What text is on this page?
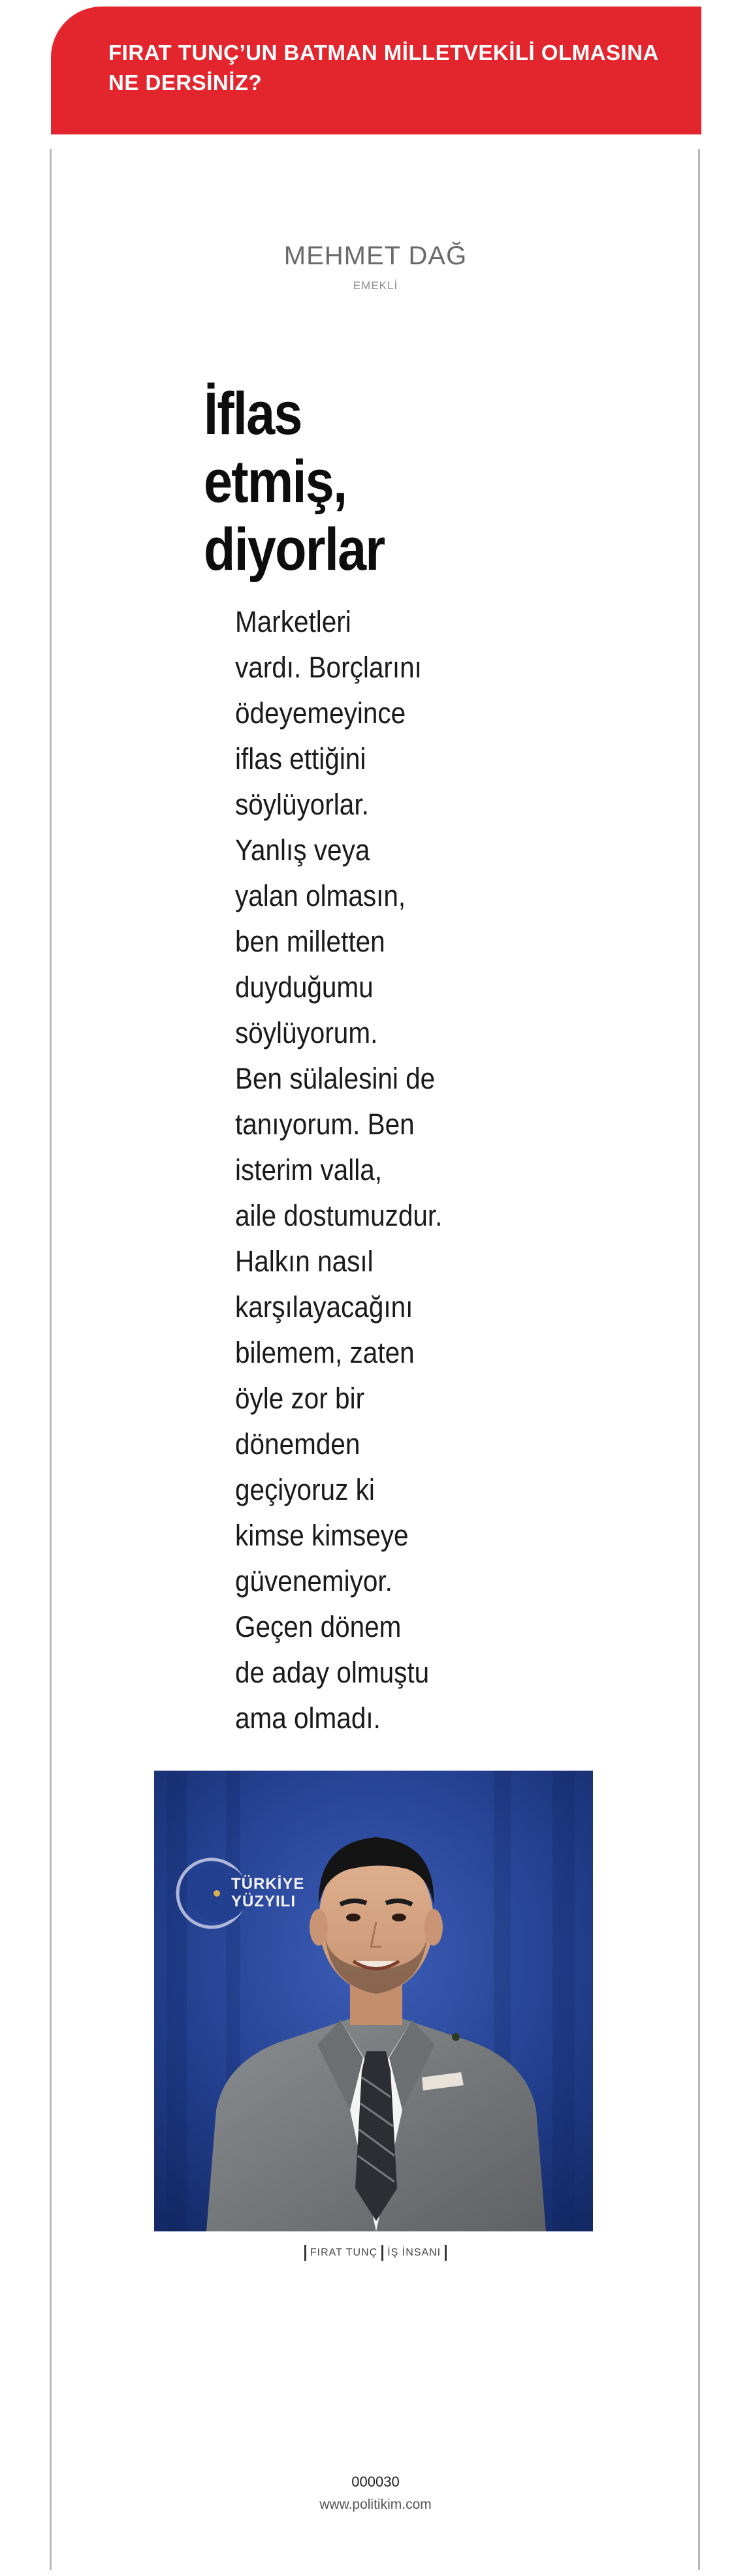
FIRAT TUNÇ’UN BATMAN MİLLETVEKİLİ OLMASINA NE DERSİNİZ?
MEHMET DAĞ
EMEKLİ
İflas
etmiş,
diyorlar

Marketleri
vardı. Borçlarını
ödeyemeyince
iflas ettiğini
söylüyorlar.
Yanlış veya
yalan olmasın,
ben milletten
duyduğumu
söylüyorum.
Ben sülalesini de
tanıyorum. Ben
isterim valla,
aile dostumuzdur.
Halkın nasıl
karşılayacağını
bilemem, zaten
öyle zor bir
dönemden
geçiyoruz ki
kimse kimseye
güvenemiyor.
Geçen dönem
de aday olmuştu
ama olmadı.

TÜRKİYE
YÜZYILI
FIRAT TUNÇ İŞ İNSANI
000030
www.politikim.com
